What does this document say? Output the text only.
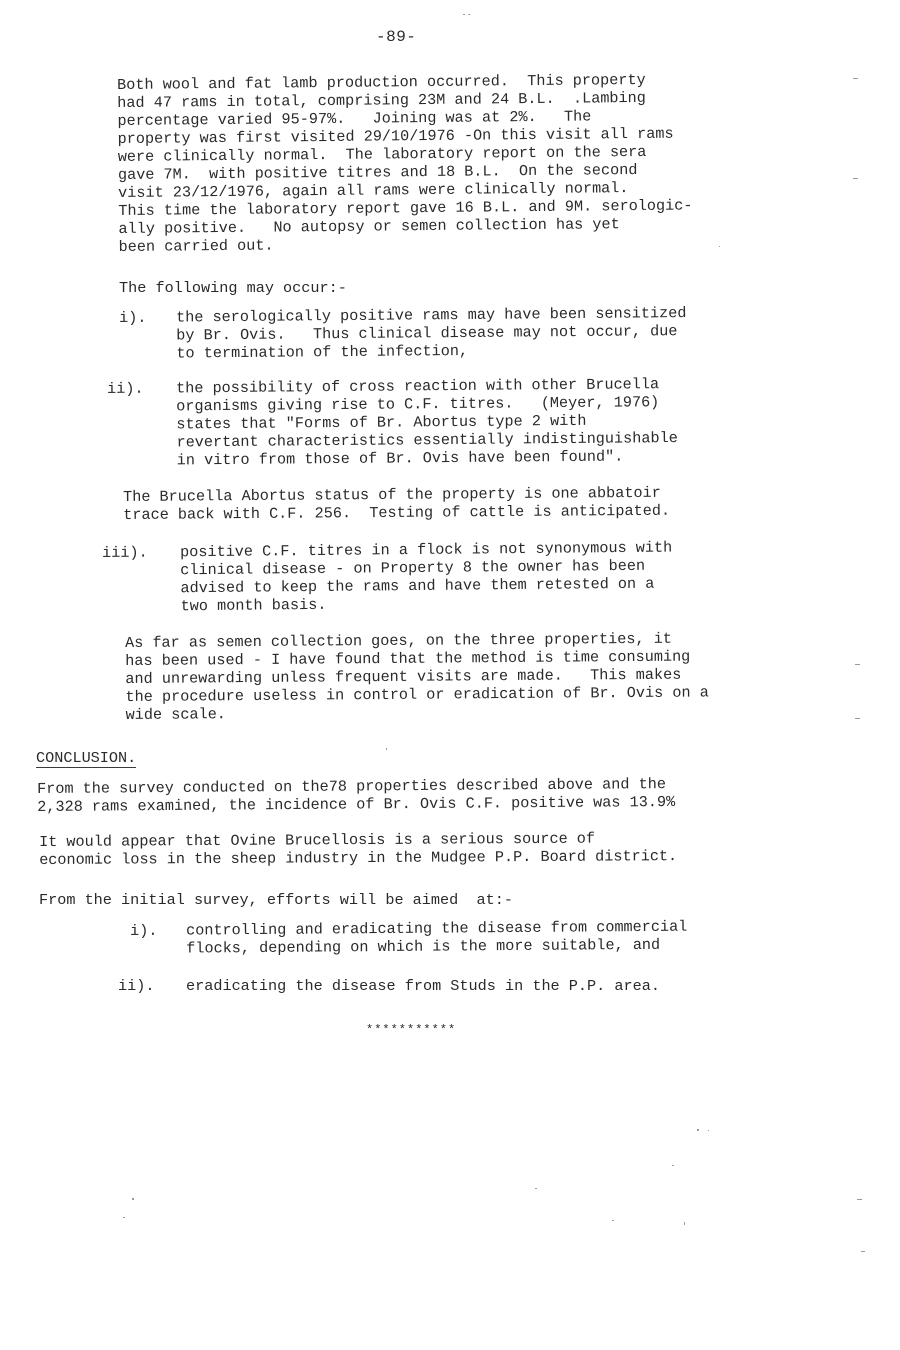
-89-
Both wool and fat lamb production occurred.  This property
had 47 rams in total, comprising 23M and 24 B.L.  .Lambing
percentage varied 95-97%.   Joining was at 2%.   The
property was first visited 29/10/1976 -On this visit all rams
were clinically normal.  The laboratory report on the sera
gave 7M.  with positive titres and 18 B.L.  On the second
visit 23/12/1976, again all rams were clinically normal.
This time the laboratory report gave 16 B.L. and 9M. serologic-
ally positive.   No autopsy or semen collection has yet
been carried out.
The following may occur:-

i).

the serologically positive rams may have been sensitized
by Br. Ovis.   Thus clinical disease may not occur, due
to termination of the infection,

ii).

the possibility of cross reaction with other Brucella
organisms giving rise to C.F. titres.   (Meyer, 1976)
states that "Forms of Br. Abortus type 2 with
revertant characteristics essentially indistinguishable
in vitro from those of Br. Ovis have been found".

The Brucella Abortus status of the property is one abbatoir
trace back with C.F. 256.  Testing of cattle is anticipated.

iii).

positive C.F. titres in a flock is not synonymous with
clinical disease - on Property 8 the owner has been
advised to keep the rams and have them retested on a
two month basis.

As far as semen collection goes, on the three properties, it
has been used - I have found that the method is time consuming
and unrewarding unless frequent visits are made.   This makes
the procedure useless in control or eradication of Br. Ovis on a
wide scale.
CONCLUSION.
From the survey conducted on the78 properties described above and the
2,328 rams examined, the incidence of Br. Ovis C.F. positive was 13.9%
It would appear that Ovine Brucellosis is a serious source of
economic loss in the sheep industry in the Mudgee P.P. Board district.
From the initial survey, efforts will be aimed  at:-

i).

controlling and eradicating the disease from commercial
flocks, depending on which is the more suitable, and

ii).

eradicating the disease from Studs in the P.P. area.

***********
